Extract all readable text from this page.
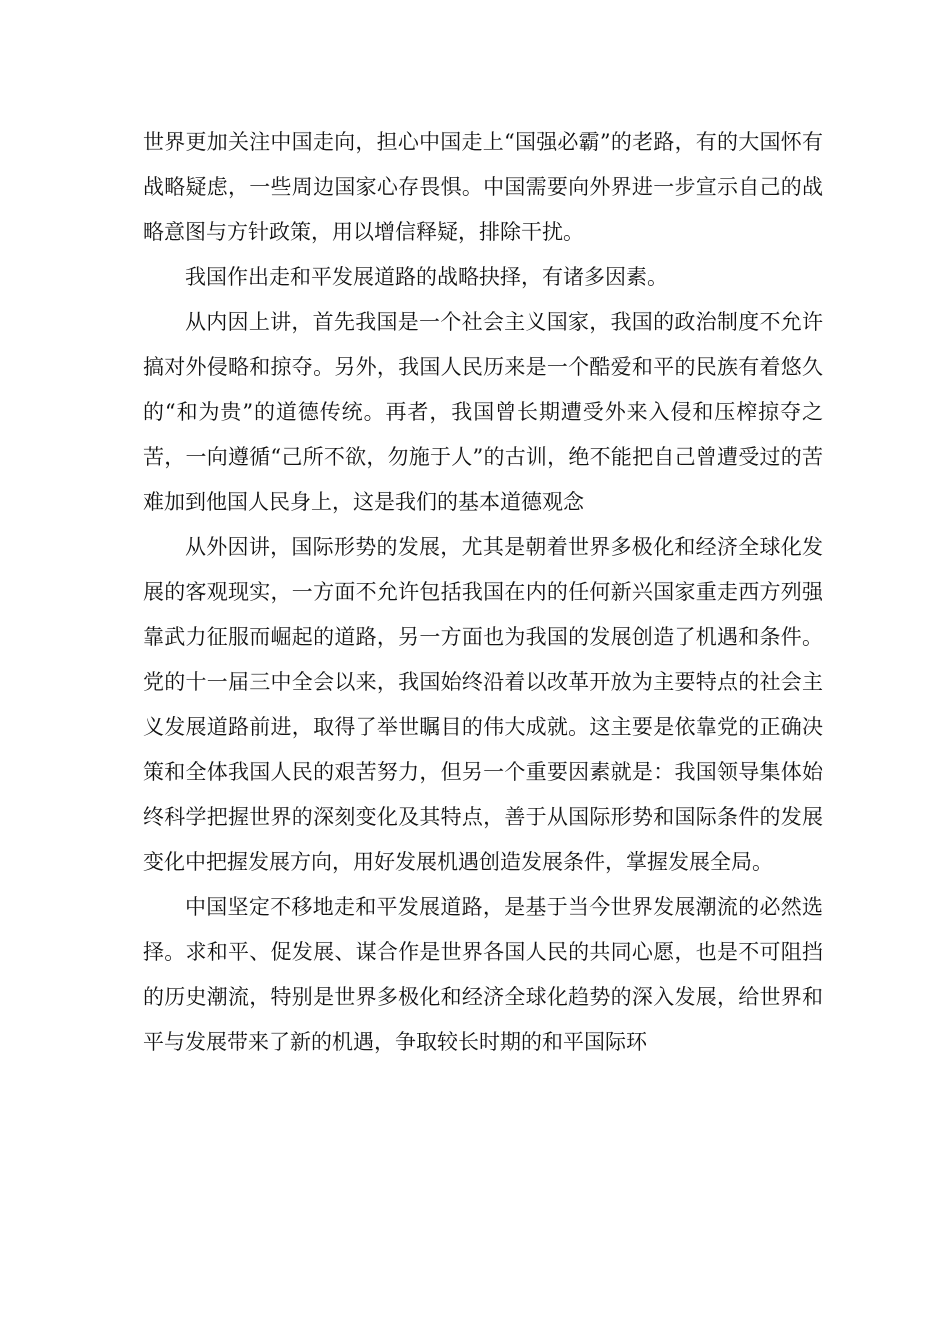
世界更加关注中国走向，担心中国走上“国强必霸”的老路，有的大国怀有战略疑虑，一些周边国家心存畏惧。中国需要向外界进一步宣示自己的战略意图与方针政策，用以增信释疑，排除干扰。

我国作出走和平发展道路的战略抉择，有诸多因素。

从内因上讲，首先我国是一个社会主义国家，我国的政治制度不允许搞对外侵略和掠夺。另外，我国人民历来是一个酷爱和平的民族有着悠久的“和为贵”的道德传统。再者，我国曾长期遭受外来入侵和压榨掠夺之苦，一向遵循“己所不欲，勿施于人”的古训，绝不能把自己曾遭受过的苦难加到他国人民身上，这是我们的基本道德观念

从外因讲，国际形势的发展，尤其是朝着世界多极化和经济全球化发展的客观现实，一方面不允许包括我国在内的任何新兴国家重走西方列强靠武力征服而崛起的道路，另一方面也为我国的发展创造了机遇和条件。党的十一届三中全会以来，我国始终沿着以改革开放为主要特点的社会主义发展道路前进，取得了举世瞩目的伟大成就。这主要是依靠党的正确决策和全体我国人民的艰苦努力，但另一个重要因素就是：我国领导集体始终科学把握世界的深刻变化及其特点，善于从国际形势和国际条件的发展变化中把握发展方向，用好发展机遇创造发展条件，掌握发展全局。

中国坚定不移地走和平发展道路，是基于当今世界发展潮流的必然选择。求和平、促发展、谋合作是世界各国人民的共同心愿，也是不可阻挡的历史潮流，特别是世界多极化和经济全球化趋势的深入发展，给世界和平与发展带来了新的机遇，争取较长时期的和平国际环
